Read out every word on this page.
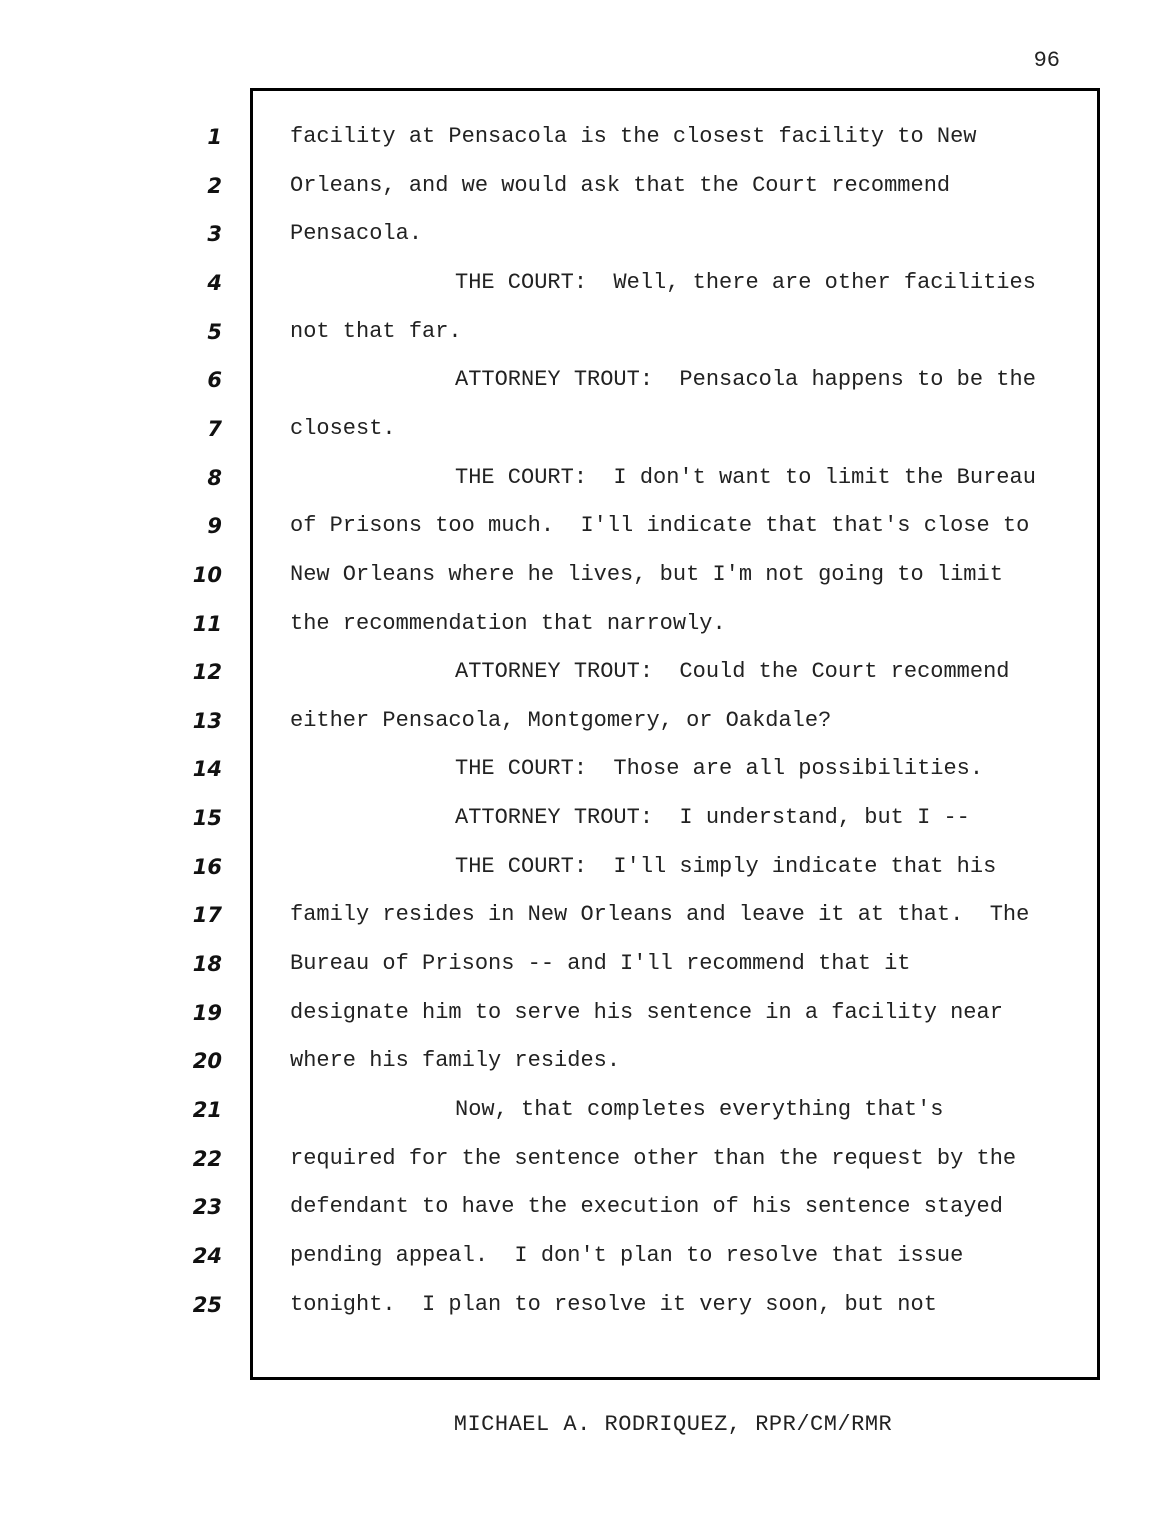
96
1
2
3
4
5
6
7
8
9
10
11
12
13
14
15
16
17
18
19
20
21
22
23
24
25
facility at Pensacola is the closest facility to New
Orleans, and we would ask that the Court recommend
Pensacola.
THE COURT:  Well, there are other facilities
not that far.
ATTORNEY TROUT:  Pensacola happens to be the
closest.
THE COURT:  I don't want to limit the Bureau
of Prisons too much.  I'll indicate that that's close to
New Orleans where he lives, but I'm not going to limit
the recommendation that narrowly.
ATTORNEY TROUT:  Could the Court recommend
either Pensacola, Montgomery, or Oakdale?
THE COURT:  Those are all possibilities.
ATTORNEY TROUT:  I understand, but I --
THE COURT:  I'll simply indicate that his
family resides in New Orleans and leave it at that.  The
Bureau of Prisons -- and I'll recommend that it
designate him to serve his sentence in a facility near
where his family resides.
Now, that completes everything that's
required for the sentence other than the request by the
defendant to have the execution of his sentence stayed
pending appeal.  I don't plan to resolve that issue
tonight.  I plan to resolve it very soon, but not
MICHAEL A. RODRIQUEZ, RPR/CM/RMR
